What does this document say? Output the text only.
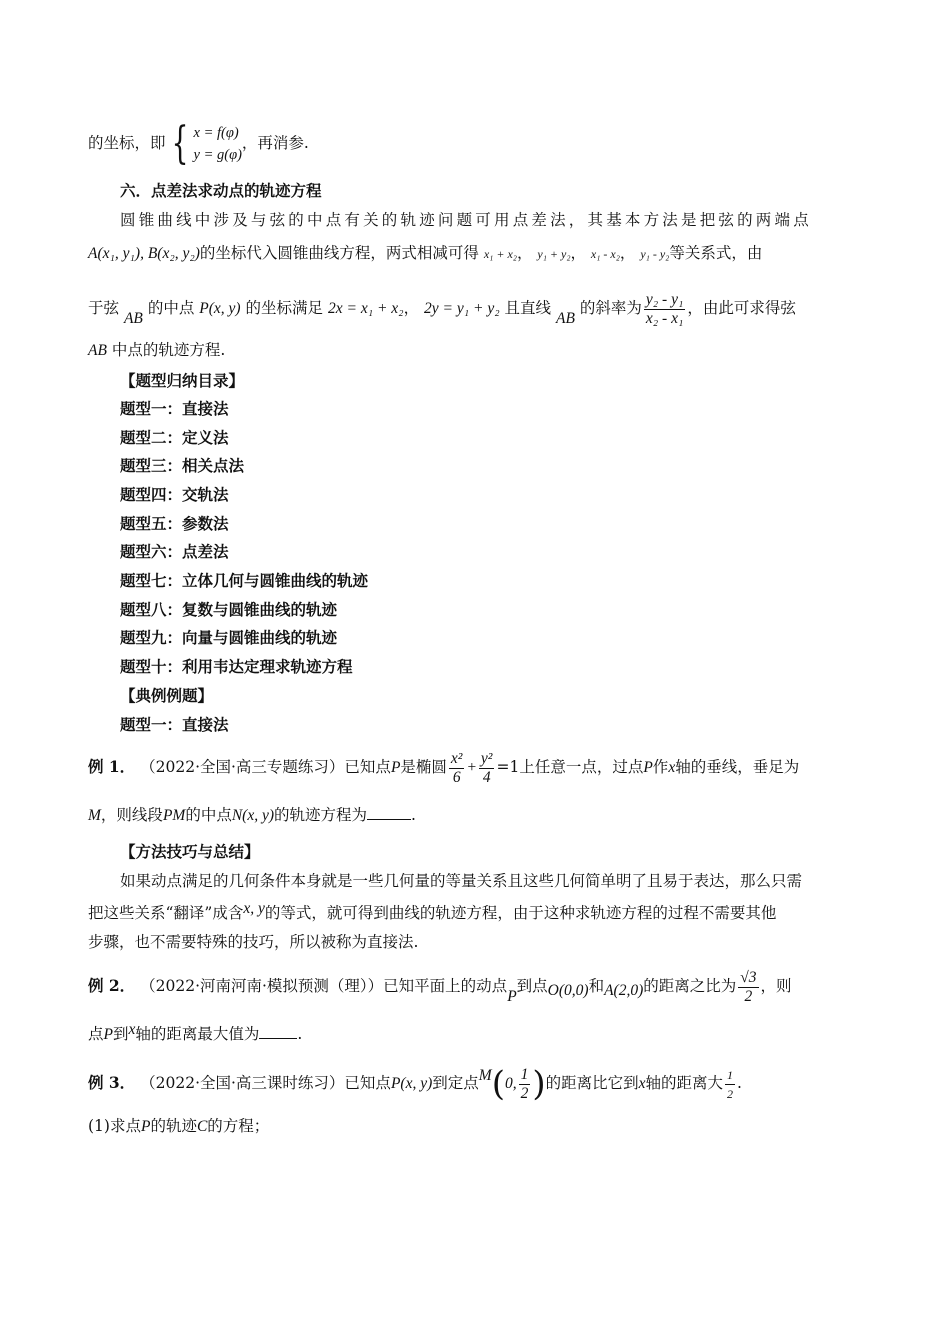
的坐标，即 { x = f(φ)
y = g(φ)
，再消参.
六．点差法求动点的轨迹方程
圆锥曲线中涉及与弦的中点有关的轨迹问题可用点差法，其基本方法是把弦的两端点
A(x₁, y₁), B(x₂, y₂)的坐标代入圆锥曲线方程，两式相减可得 x₁ + x₂， y₁ + y₂， x₁ - x₂， y₁ - y₂等关系式，由
于弦 AB 的中点 P(x, y) 的坐标满足 2x = x₁ + x₂， 2y = y₁ + y₂ 且直线 AB 的斜率为 $\frac{\text{y₂ - y₁}}{\text{x₂ - x₁}}$ ，由此可求得弦
AB 中点的轨迹方程.
【题型归纳目录】
题型一：直接法
题型二：定义法
题型三：相关点法
题型四：交轨法
题型五：参数法
题型六：点差法
题型七：立体几何与圆锥曲线的轨迹
题型八：复数与圆锥曲线的轨迹
题型九：向量与圆锥曲线的轨迹
题型十：利用韦达定理求轨迹方程
【典例例题】
题型一：直接法
例 1． （2022·全国·高三专题练习）已知点P是椭圆 $\frac{\text{x²}}{6} + \frac{\text{y²}}{4} =1$上任意一点，过点P作x轴的垂线，垂足为
M，则线段PM的中点N(x, y)的轨迹方程为	.
【方法技巧与总结】
如果动点满足的几何条件本身就是一些几何量的等量关系且这些几何简单明了且易于表达，那么只需
把这些关系“翻译”成含x, y的等式，就可得到曲线的轨迹方程，由于这种求轨迹方程的过程不需要其他
步骤，也不需要特殊的技巧，所以被称为直接法.
例 2． （2022·河南河南·模拟预测（理））已知平面上的动点P到点O(0,0)和A(2,0)的距离之比为 $\frac{√3}{2}$ ，则
点P到x轴的距离最大值为 .
例 3． （2022·全国·高三课时练习）已知点P(x, y)到定点M(0, $\frac{1}{2}$ )的距离比它到x轴的距离大 $\frac{1}{2}$ .
(1)求点P的轨迹C的方程；
